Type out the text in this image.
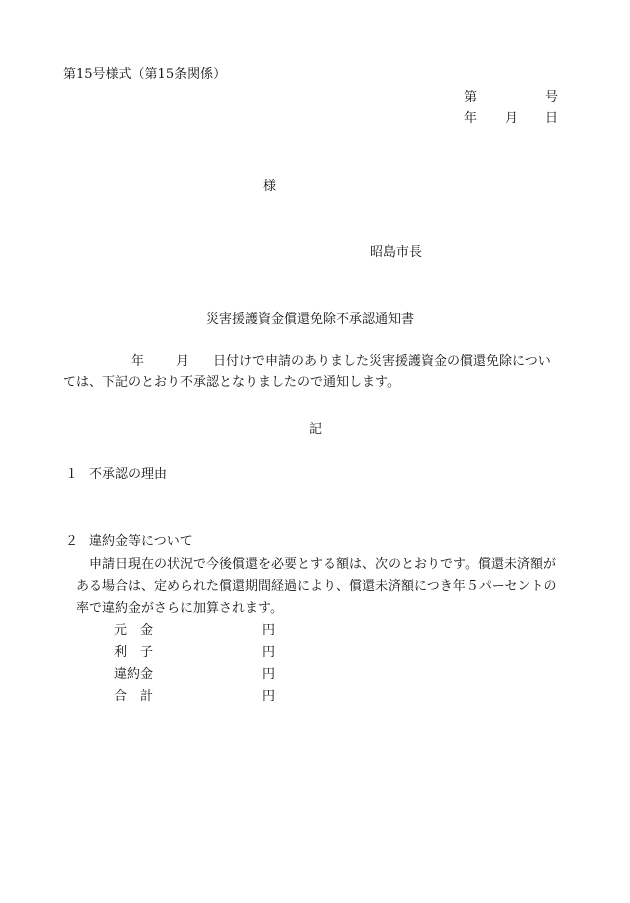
第15号様式（第15条関係）
第	号
年 月 日
様
昭島市長
災害援護資金償還免除不承認通知書
年 月 日付けで申請のありました災害援護資金の償還免除につい
ては、下記のとおり不承認となりましたので通知します。
記
１ 不承認の理由
２ 違約金等について
申請日現在の状況で今後償還を必要とする額は、次のとおりです。償還未済額が
ある場合は、定められた償還期間経過により、償還未済額につき年５パーセントの
率で違約金がさらに加算されます。
元　金	円
利　子	円
違約金	円
合　計	円
